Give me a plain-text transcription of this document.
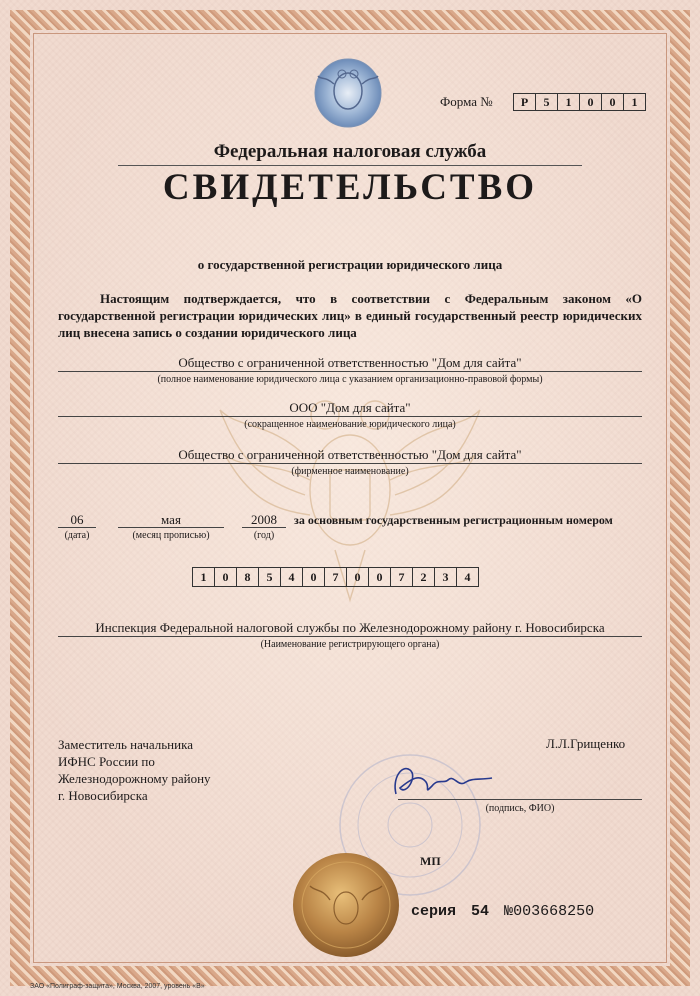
Форма №	Р	5	1	0	0	1
Федеральная налоговая служба
СВИДЕТЕЛЬСТВО
о государственной регистрации юридического лица
Настоящим подтверждается, что в соответствии с Федеральным законом «О государственной регистрации юридических лиц» в единый государственный реестр юридических лиц внесена запись о создании юридического лица
Общество с ограниченной ответственностью "Дом для сайта"
(полное наименование юридического лица с указанием организационно-правовой формы)
ООО "Дом для сайта"
(сокращенное наименование юридического лица)
Общество с ограниченной ответственностью "Дом для сайта"
(фирменное наименование)
06
(дата)
мая
(месяц прописью)
2008
(год)
за основным государственным регистрационным номером
1	0	8	5	4	0	7	0	0	7	2	3	4
Инспекция Федеральной налоговой службы по Железнодорожному району г. Новосибирска
(Наименование регистрирующего органа)
Заместитель начальника
ИФНС России по
Железнодорожному району
г. Новосибирска
Л.Л.Грищенко
(подпись, ФИО)
МП
серия 54 №003668250
ЗАО «Полиграф-защита», Москва, 2007, уровень «В»
